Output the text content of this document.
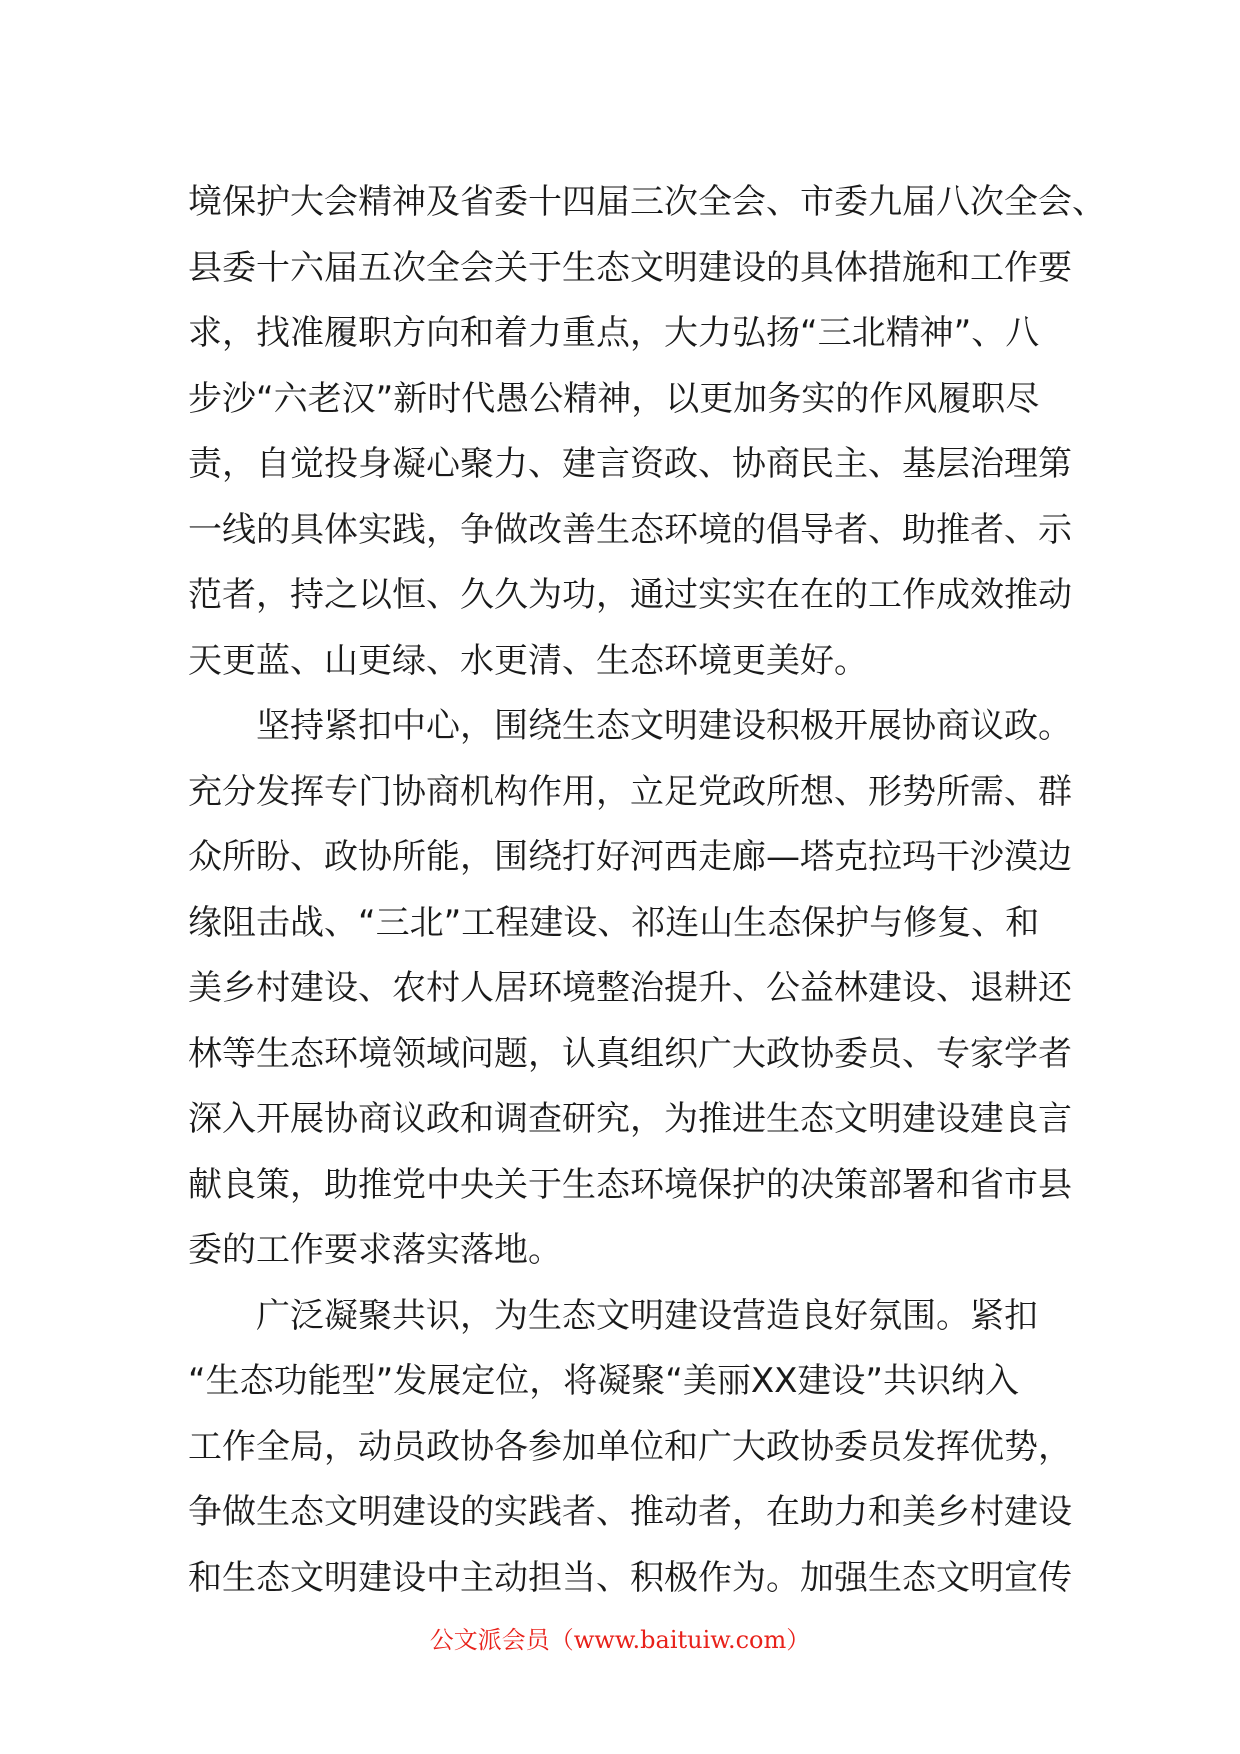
境保护大会精神及省委十四届三次全会、市委九届八次全会、
县委十六届五次全会关于生态文明建设的具体措施和工作要
求，找准履职方向和着力重点，大力弘扬“三北精神”、八
步沙“六老汉”新时代愚公精神，以更加务实的作风履职尽
责，自觉投身凝心聚力、建言资政、协商民主、基层治理第
一线的具体实践，争做改善生态环境的倡导者、助推者、示
范者，持之以恒、久久为功，通过实实在在的工作成效推动
天更蓝、山更绿、水更清、生态环境更美好。
坚持紧扣中心，围绕生态文明建设积极开展协商议政。
充分发挥专门协商机构作用，立足党政所想、形势所需、群
众所盼、政协所能，围绕打好河西走廊—塔克拉玛干沙漠边
缘阻击战、“三北”工程建设、祁连山生态保护与修复、和
美乡村建设、农村人居环境整治提升、公益林建设、退耕还
林等生态环境领域问题，认真组织广大政协委员、专家学者
深入开展协商议政和调查研究，为推进生态文明建设建良言
献良策，助推党中央关于生态环境保护的决策部署和省市县
委的工作要求落实落地。
广泛凝聚共识，为生态文明建设营造良好氛围。紧扣
“生态功能型”发展定位，将凝聚“美丽XX建设”共识纳入
工作全局，动员政协各参加单位和广大政协委员发挥优势，
争做生态文明建设的实践者、推动者，在助力和美乡村建设
和生态文明建设中主动担当、积极作为。加强生态文明宣传
公文派会员（www.baituiw.com）
